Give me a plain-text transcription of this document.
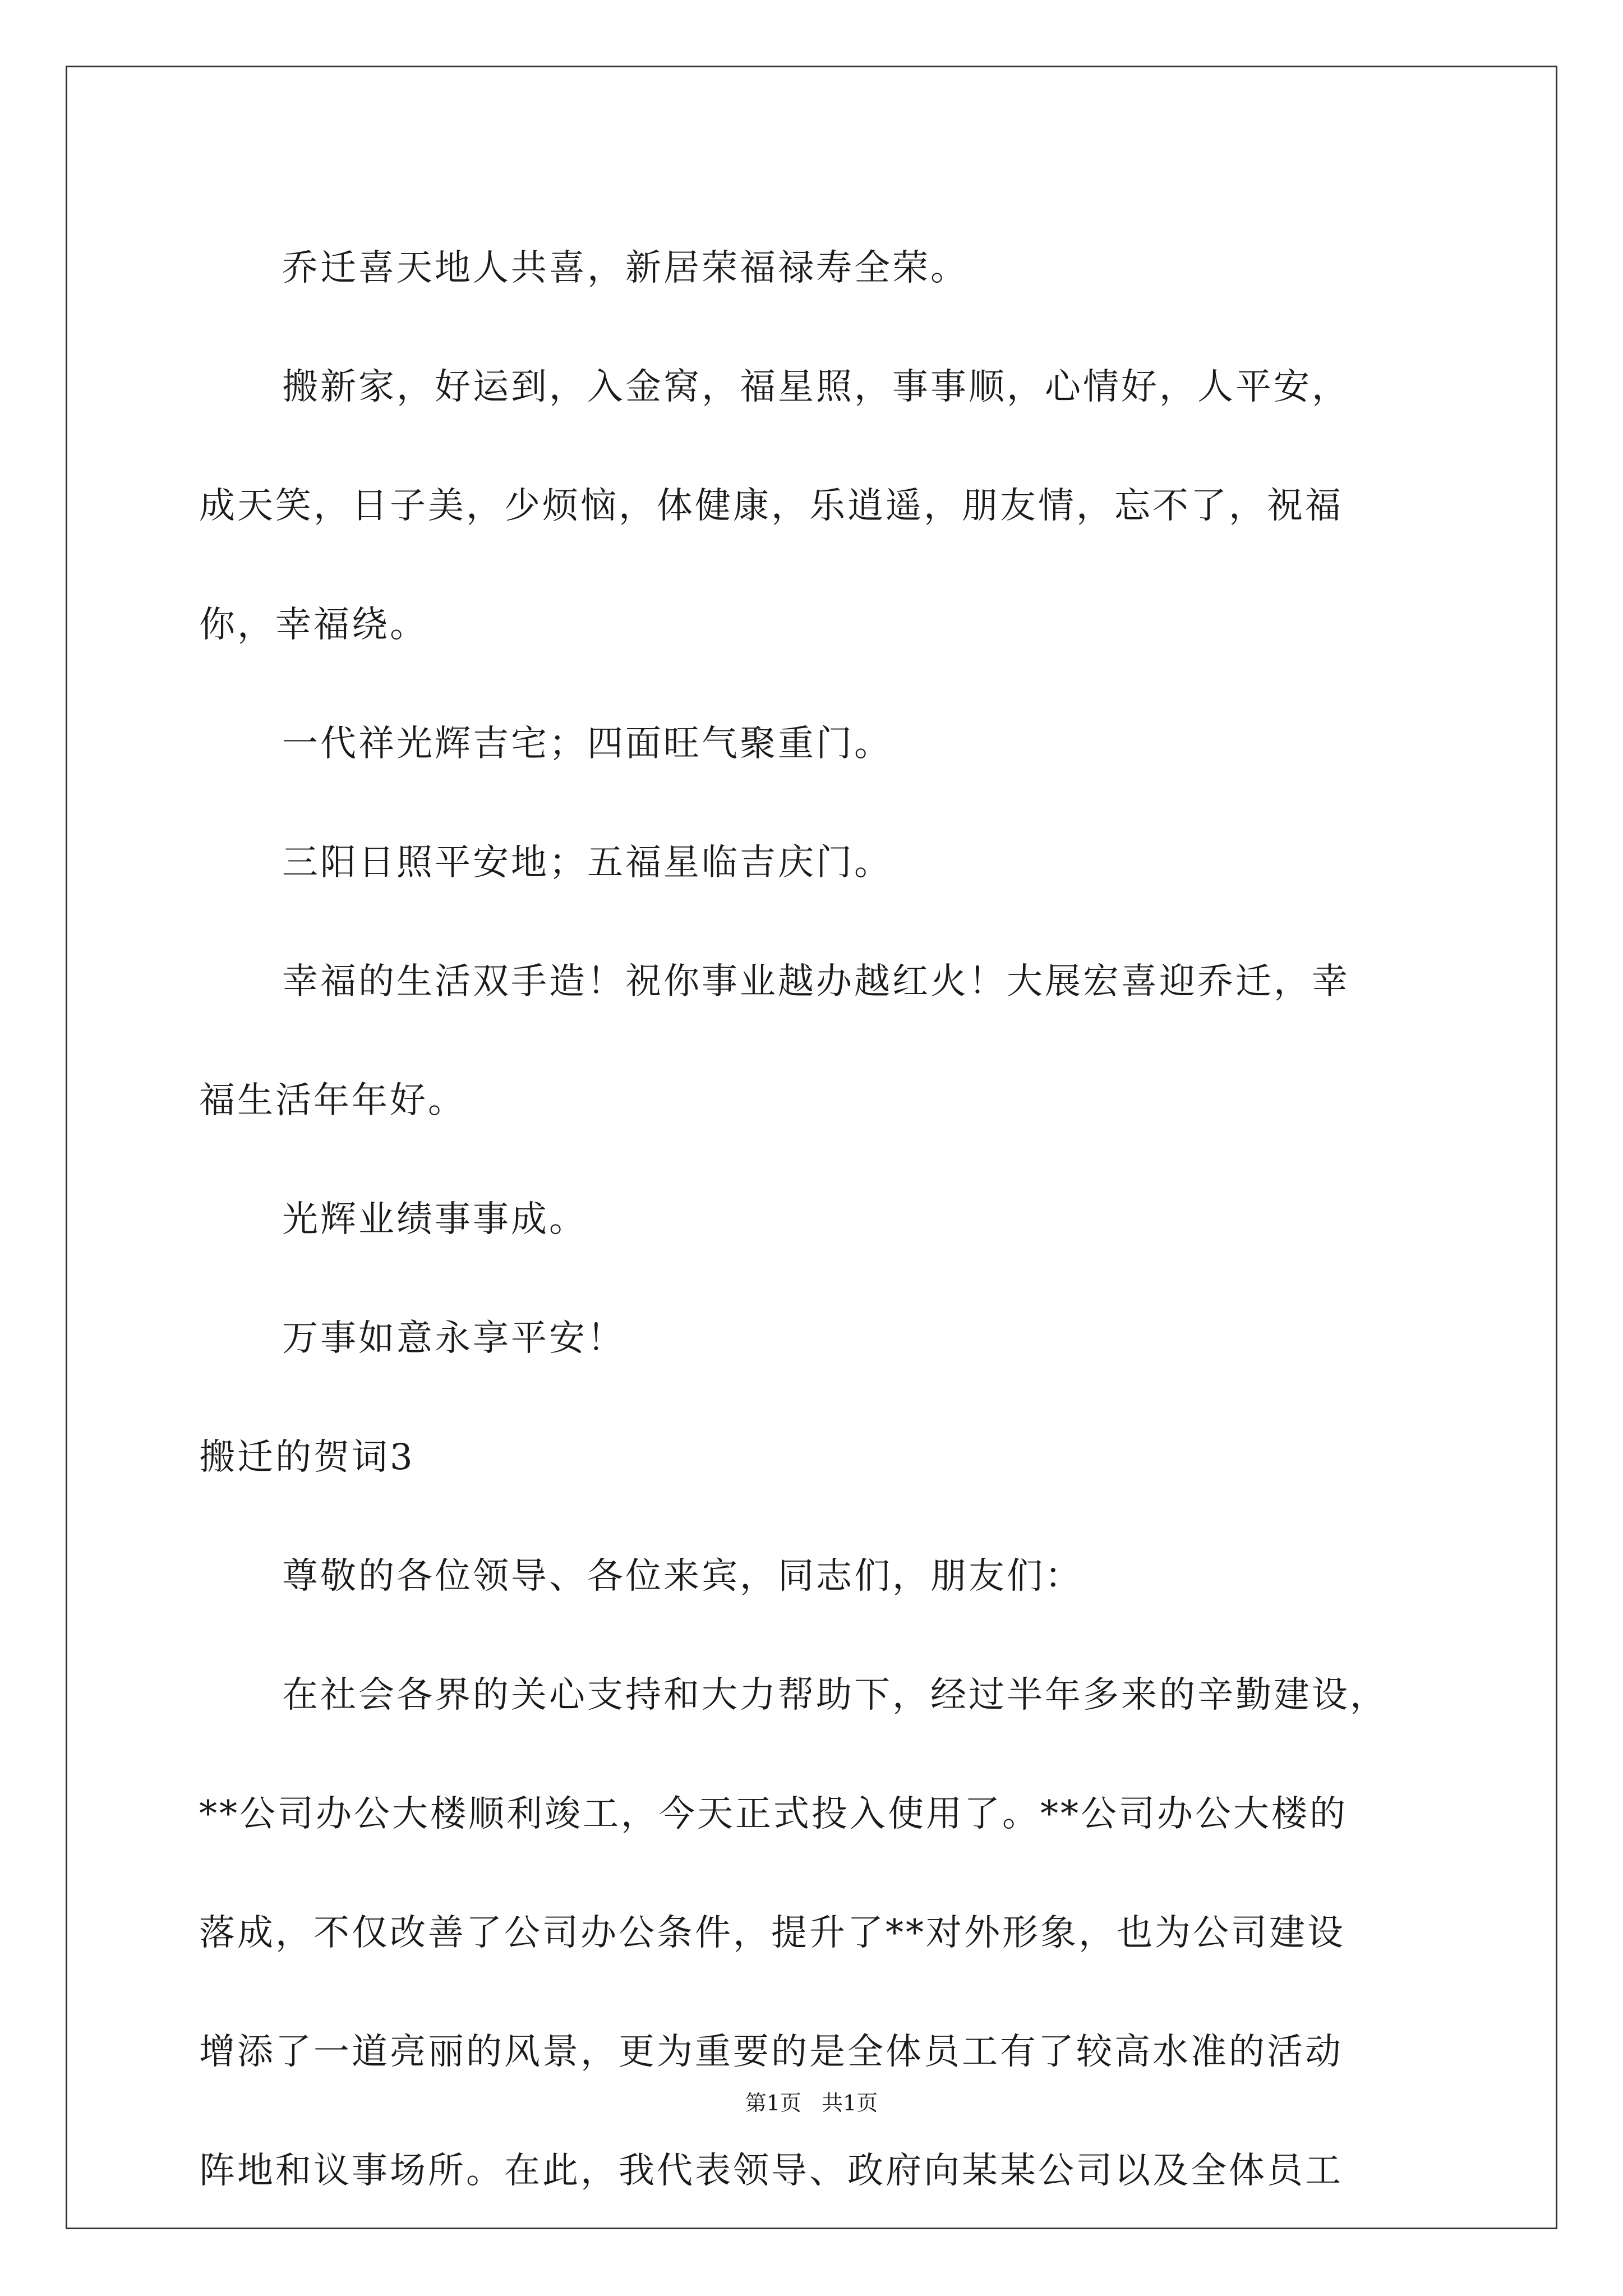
乔迁喜天地人共喜，新居荣福禄寿全荣。

搬新家，好运到，入金窝，福星照，事事顺，心情好，人平安，

成天笑，日子美，少烦恼，体健康，乐逍遥，朋友情，忘不了，祝福

你，幸福绕。

一代祥光辉吉宅；四面旺气聚重门。

三阳日照平安地；五福星临吉庆门。

幸福的生活双手造！祝你事业越办越红火！大展宏喜迎乔迁，幸

福生活年年好。

光辉业绩事事成。

万事如意永享平安！

搬迁的贺词3

尊敬的各位领导、各位来宾，同志们，朋友们：

在社会各界的关心支持和大力帮助下，经过半年多来的辛勤建设，

**公司办公大楼顺利竣工，今天正式投入使用了。**公司办公大楼的

落成，不仅改善了公司办公条件，提升了**对外形象，也为公司建设

增添了一道亮丽的风景，更为重要的是全体员工有了较高水准的活动

阵地和议事场所。在此，我代表领导、政府向某某公司以及全体员工

第1页   共1页
